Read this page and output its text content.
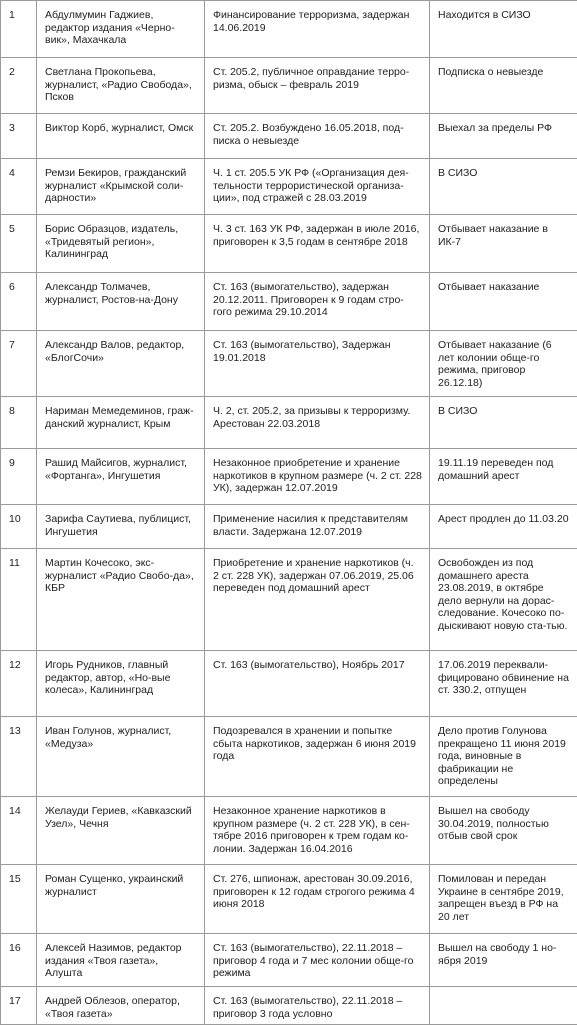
1	Абдулмумин Гаджиев, редактор издания «Черно-вик», Махачкала	Финансирование терроризма, задержан 14.06.2019	Находится в СИЗО
2	Светлана Прокопьева, журналист, «Радио Свобода», Псков	Ст. 205.2, публичное оправдание терро-ризма, обыск – февраль 2019	Подписка о невыезде
3	Виктор Корб, журналист, Омск	Ст. 205.2. Возбуждено 16.05.2018, под-писка о невыезде	Выехал за пределы РФ
4	Ремзи Бекиров, гражданский журналист «Крымской соли-дарности»	Ч. 1 ст. 205.5 УК РФ («Организация дея-тельности террористической организа-ции», под стражей с 28.03.2019	В СИЗО
5	Борис Образцов, издатель, «Тридевятый регион», Калининград	Ч. 3 ст. 163 УК РФ, задержан в июле 2016, приговорен к 3,5 годам в сентябре 2018	Отбывает наказание в ИК-7
6	Александр Толмачев, журналист, Ростов-на-Дону	Ст. 163 (вымогательство), задержан 20.12.2011. Приговорен к 9 годам стро-гого режима 29.10.2014	Отбывает наказание
7	Александр Валов, редактор, «БлогСочи»	Ст. 163 (вымогательство), Задержан 19.01.2018	Отбывает наказание (6 лет колонии обще-го режима, приговор 26.12.18)
8	Нариман Мемедеминов, граж-данский журналист, Крым	Ч. 2, ст. 205.2, за призывы к терроризму. Арестован 22.03.2018	В СИЗО
9	Рашид Майсигов, журналист, «Фортанга», Ингушетия	Незаконное приобретение и хранение наркотиков в крупном размере (ч. 2 ст. 228 УК), задержан 12.07.2019	19.11.19 переведен под домашний арест
10	Зарифа Саутиева, публицист, Ингушетия	Применение насилия к представителям власти. Задержана 12.07.2019	Арест продлен до 11.03.20
11	Мартин Кочесоко, экс-журналист «Радио Свобо-да», КБР	Приобретение и хранение наркотиков (ч. 2 ст. 228 УК), задержан 07.06.2019, 25.06 переведен под домашний арест	Освобожден из под домашнего ареста 23.08.2019, в октябре дело вернули на дорас-следование. Кочесоко по-дыскивают новую ста-тью.
12	Игорь Рудников, главный редактор, автор, «Но-вые колеса», Калининград	Ст. 163 (вымогательство), Ноябрь 2017	17.06.2019 переквали-фицировано обвинение на ст. 330.2, отпущен
13	Иван Голунов, журналист, «Медуза»	Подозревался в хранении и попытке сбыта наркотиков, задержан 6 июня 2019 года	Дело против Голунова прекращено 11 июня 2019 года, виновные в фабрикации не определены
14	Желауди Гериев, «Кавказский Узел», Чечня	Незаконное хранение наркотиков в крупном размере (ч. 2 ст. 228 УК), в сен-тябре 2016 приговорен к трем годам ко-лонии. Задержан 16.04.2016	Вышел на свободу 30.04.2019, полностью отбыв свой срок
15	Роман Сущенко, украинский журналист	Ст. 276, шпионаж, арестован 30.09.2016, приговорен к 12 годам строгого режима 4 июня 2018	Помилован и передан Украине в сентябре 2019, запрещен въезд в РФ на 20 лет
16	Алексей Назимов, редактор издания «Твоя газета», Алушта	Ст. 163 (вымогательство), 22.11.2018 – приговор 4 года и 7 мес колонии обще-го режима	Вышел на свободу 1 но-ября 2019
17	Андрей Облезов, оператор, «Твоя газета»	Ст. 163 (вымогательство), 22.11.2018 – приговор 3 года условно	
